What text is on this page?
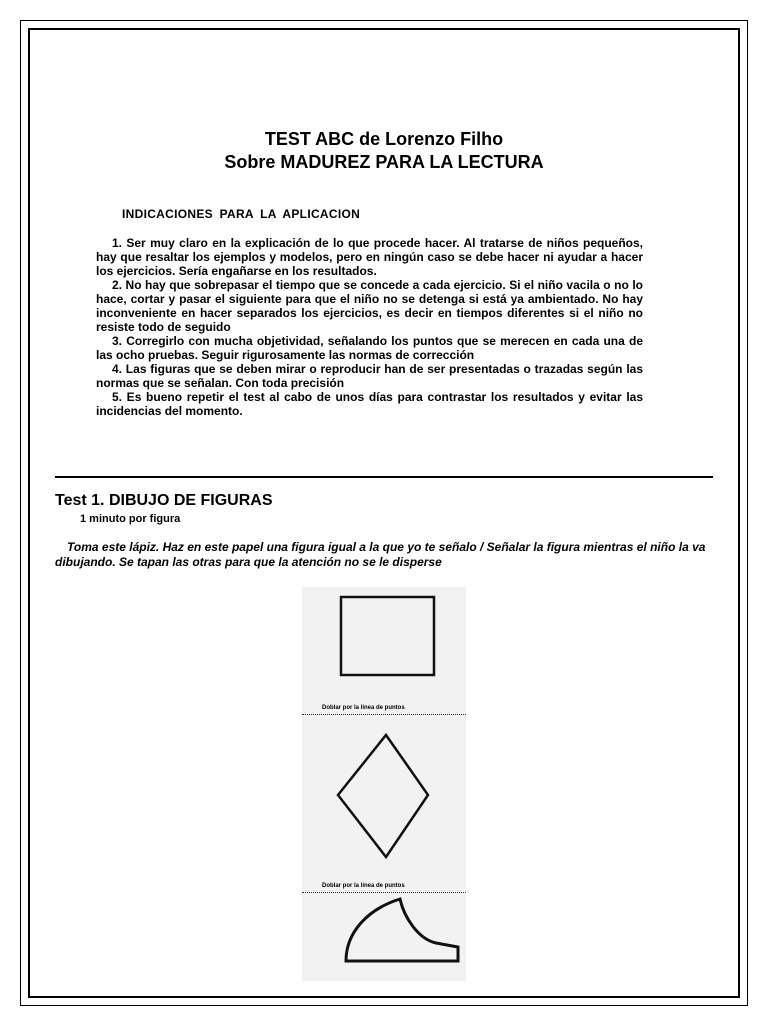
TEST ABC de Lorenzo Filho
Sobre MADUREZ PARA LA LECTURA
INDICACIONES PARA LA APLICACION

1. Ser muy claro en la explicación de lo que procede hacer. Al tratarse de niños pequeños, hay que resaltar los ejemplos y modelos, pero en ningún caso se debe hacer ni ayudar a hacer los ejercicios. Sería engañarse en los resultados.

2. No hay que sobrepasar el tiempo que se concede a cada ejercicio. Si el niño vacila o no lo hace, cortar y pasar el siguiente para que el niño no se detenga si está ya ambientado. No hay inconveniente en hacer separados los ejercicios, es decir en tiempos diferentes si el niño no resiste todo de seguido

3. Corregirlo con mucha objetividad, señalando los puntos que se merecen en cada una de las ocho pruebas. Seguir rigurosamente las normas de corrección

4. Las figuras que se deben mirar o reproducir han de ser presentadas o trazadas según las normas que se señalan. Con toda precisión

5. Es bueno repetir el test al cabo de unos días para contrastar los resultados y evitar las incidencias del momento.

Test 1. DIBUJO DE FIGURAS
1 minuto por figura

Toma este lápiz. Haz en este papel una figura igual a la que yo te señalo / Señalar la figura mientras el niño la va dibujando. Se tapan las otras para que la atención no se le disperse

Doblar por la línea de puntos
Doblar por la línea de puntos
